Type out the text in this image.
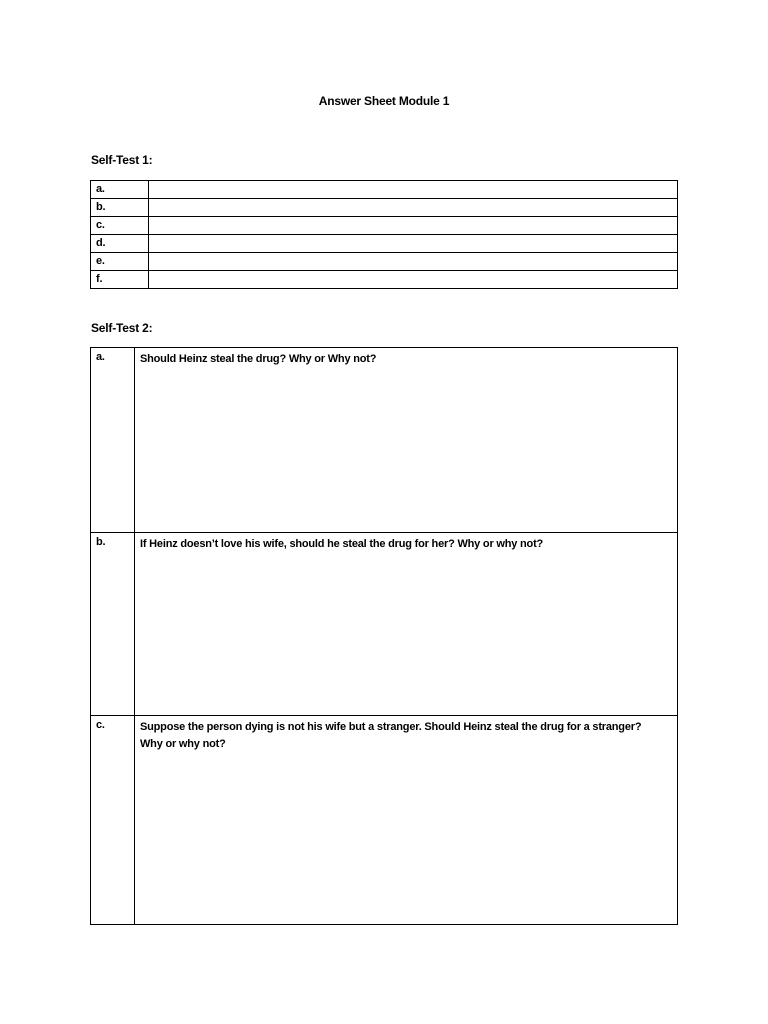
Answer Sheet Module 1
Self-Test 1:
a.	
b.	
c.	
d.	
e.	
f.	
Self-Test 2:
a.	Should Heinz steal the drug? Why or Why not?
b.	If Heinz doesn’t love his wife, should he steal the drug for her? Why or why not?
c.	Suppose the person dying is not his wife but a stranger. Should Heinz steal the drug for a stranger? Why or why not?
